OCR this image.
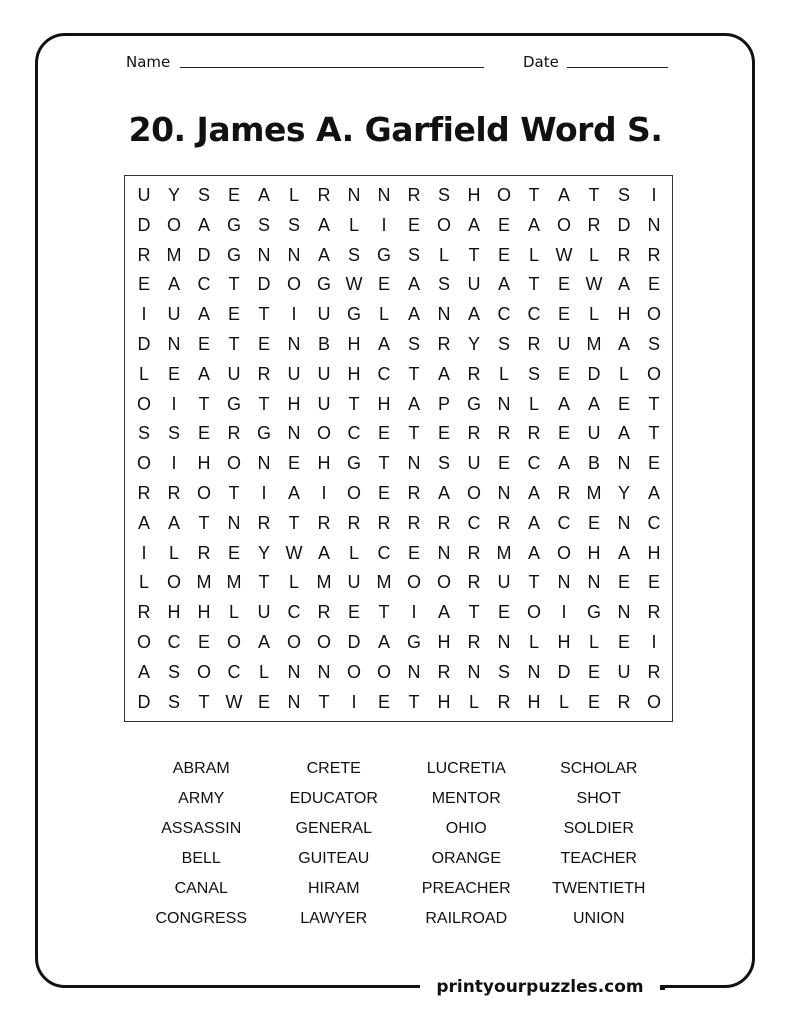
Name	Date
20. James A. Garfield Word S.
U Y S E A	L	R N N R S H O T	A	T	S	I
D O A G S S A	L	I	E O A E A O R D N
R M D G N N A S G S	L	T	E	L W L	R R
E A C	T	D O G W E A S U A	T	E W A E
I	U A E	T	I	U G L	A N A C C E	L	H O
D N E	T	E N B H A S R Y S R U M A S
L	E A U R U U H C	T	A R	L	S E D	L O
O	I	T G T	H U	T	H A P G N	L	A A E	T
S S E R G N O C E	T	E R R R E U A	T
O	I	H O N E H G T	N S U E C A B N E
R R O T	I	A	I	O E R A O N A R M Y A
A A	T	N R	T	R R R R R C R A C E N C
I	L	R E Y W A	L	C E N R M A O H A H
L O M M T	L M U M O O R U	T	N N E E
R H H	L	U C R E	T	I	A	T	E O	I	G N R
O C E O A O O D A G H R N	L	H	L	E	I
A S O C	L	N N O O N R N S N D E U R
D S	T W E N	T	I	E	T	H	L	R H	L	E R O
ABRAM	CRETE	LUCRETIA	SCHOLAR
ARMY	EDUCATOR	MENTOR	SHOT
ASSASSIN	GENERAL	OHIO	SOLDIER
BELL	GUITEAU	ORANGE	TEACHER
CANAL	HIRAM	PREACHER	TWENTIETH
CONGRESS	LAWYER	RAILROAD	UNION
printyourpuzzles.com
